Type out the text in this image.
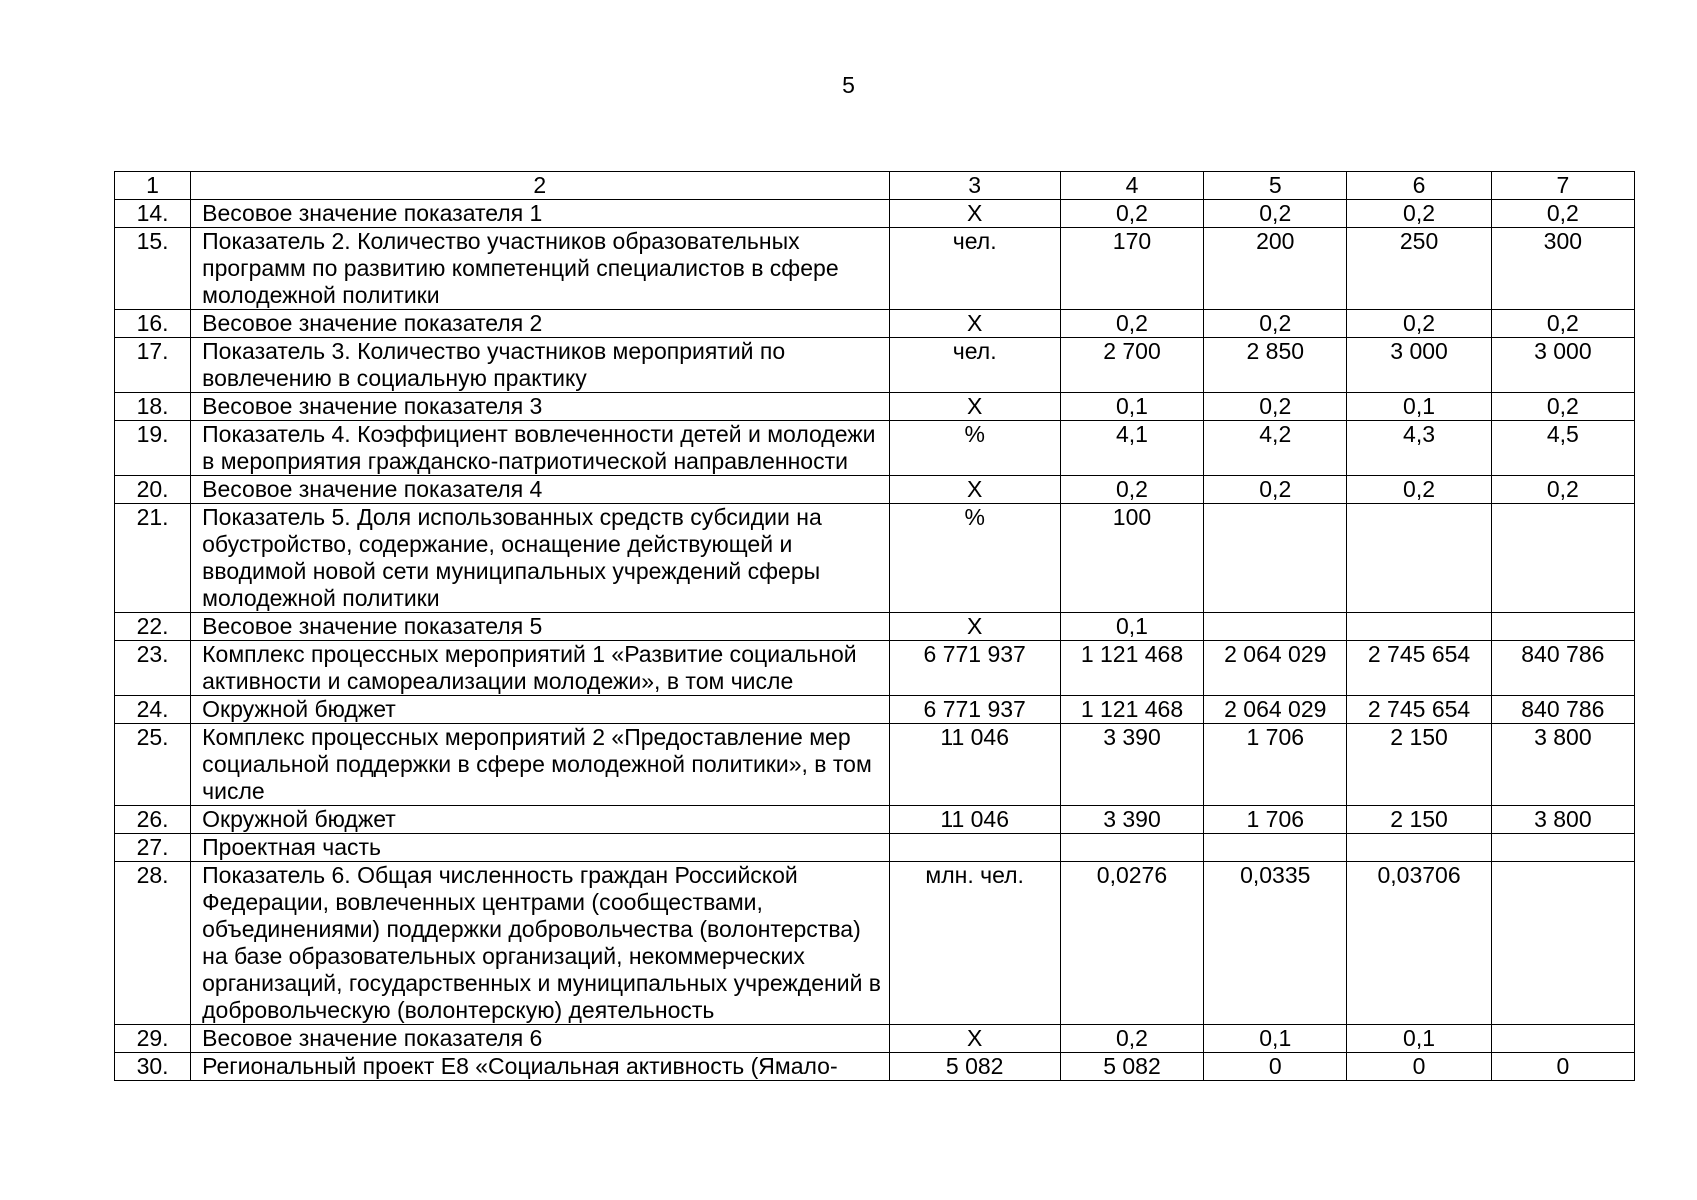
5
1	2	3	4	5	6	7
14.	Весовое значение показателя 1	Х	0,2	0,2	0,2	0,2
15.	Показатель 2. Количество участников образовательных программ по развитию компетенций специалистов в сфере молодежной политики	чел.	170	200	250	300
16.	Весовое значение показателя 2	Х	0,2	0,2	0,2	0,2
17.	Показатель 3. Количество участников мероприятий по вовлечению в социальную практику	чел.	2 700	2 850	3 000	3 000
18.	Весовое значение показателя 3	Х	0,1	0,2	0,1	0,2
19.	Показатель 4. Коэффициент вовлеченности детей и молодежи в мероприятия гражданско-патриотической направленности	%	4,1	4,2	4,3	4,5
20.	Весовое значение показателя 4	Х	0,2	0,2	0,2	0,2
21.	Показатель 5. Доля использованных средств субсидии на обустройство, содержание, оснащение действующей и вводимой новой сети муниципальных учреждений сферы молодежной политики	%	100			
22.	Весовое значение показателя 5	Х	0,1			
23.	Комплекс процессных мероприятий 1 «Развитие социальной активности и самореализации молодежи», в том числе	6 771 937	1 121 468	2 064 029	2 745 654	840 786
24.	Окружной бюджет	6 771 937	1 121 468	2 064 029	2 745 654	840 786
25.	Комплекс процессных мероприятий 2 «Предоставление мер социальной поддержки в сфере молодежной политики», в том числе	11 046	3 390	1 706	2 150	3 800
26.	Окружной бюджет	11 046	3 390	1 706	2 150	3 800
27.	Проектная часть					
28.	Показатель 6. Общая численность граждан Российской Федерации, вовлеченных центрами (сообществами, объединениями) поддержки добровольчества (волонтерства) на базе образовательных организаций, некоммерческих организаций, государственных и муниципальных учреждений в добровольческую (волонтерскую) деятельность	млн. чел.	0,0276	0,0335	0,03706	
29.	Весовое значение показателя 6	Х	0,2	0,1	0,1	
30.	Региональный проект Е8 «Социальная активность (Ямало-	5 082	5 082	0	0	0
